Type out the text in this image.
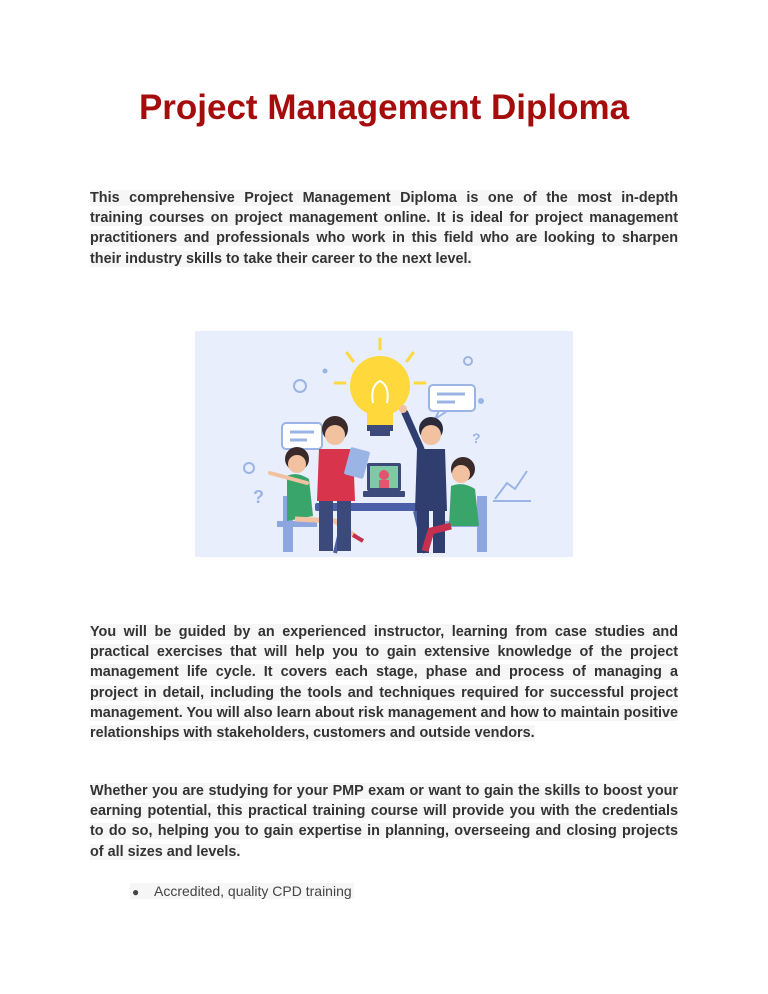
Project Management Diploma

This comprehensive Project Management Diploma is one of the most in-depth training courses on project management online. It is ideal for project management practitioners and professionals who work in this field who are looking to sharpen their industry skills to take their career to the next level.

?
?

You will be guided by an experienced instructor, learning from case studies and practical exercises that will help you to gain extensive knowledge of the project management life cycle. It covers each stage, phase and process of managing a project in detail, including the tools and techniques required for successful project management. You will also learn about risk management and how to maintain positive relationships with stakeholders, customers and outside vendors.

Whether you are studying for your PMP exam or want to gain the skills to boost your earning potential, this practical training course will provide you with the credentials to do so, helping you to gain expertise in planning, overseeing and closing projects of all sizes and levels.

● Accredited, quality CPD training
